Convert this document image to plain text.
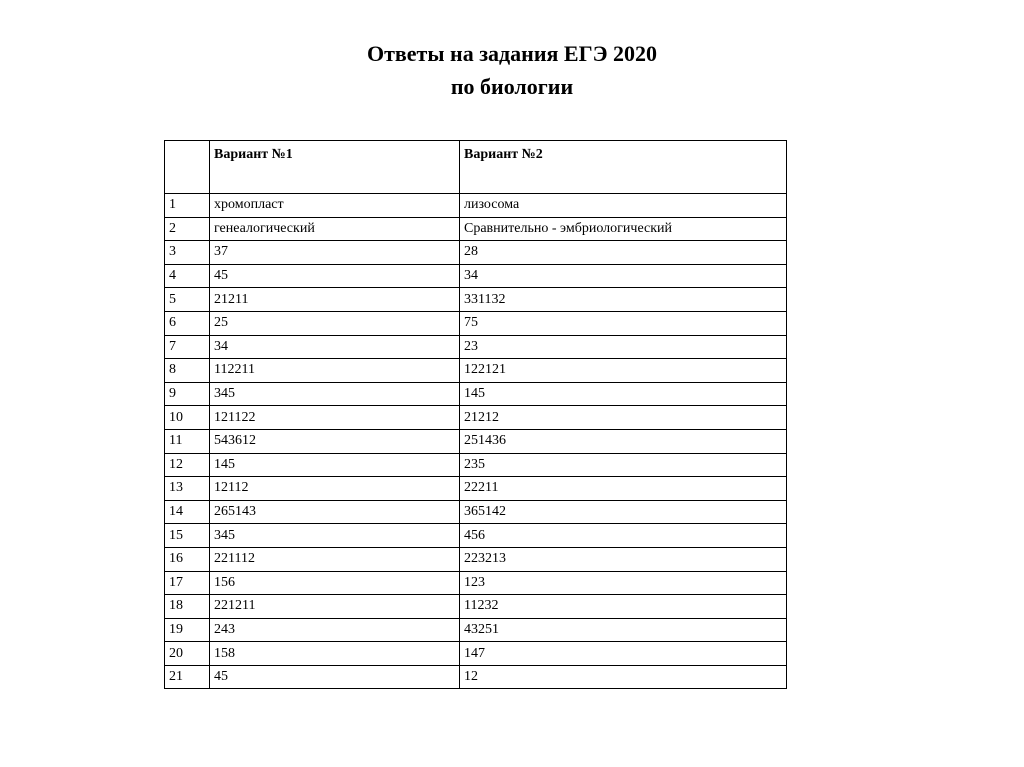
Ответы на задания ЕГЭ 2020
по биологии
	Вариант №1	Вариант №2
1	хромопласт	лизосома
2	генеалогический	Сравнительно - эмбриологический
3	37	28
4	45	34
5	21211	331132
6	25	75
7	34	23
8	112211	122121
9	345	145
10	121122	21212
11	543612	251436
12	145	235
13	12112	22211
14	265143	365142
15	345	456
16	221112	223213
17	156	123
18	221211	11232
19	243	43251
20	158	147
21	45	12
